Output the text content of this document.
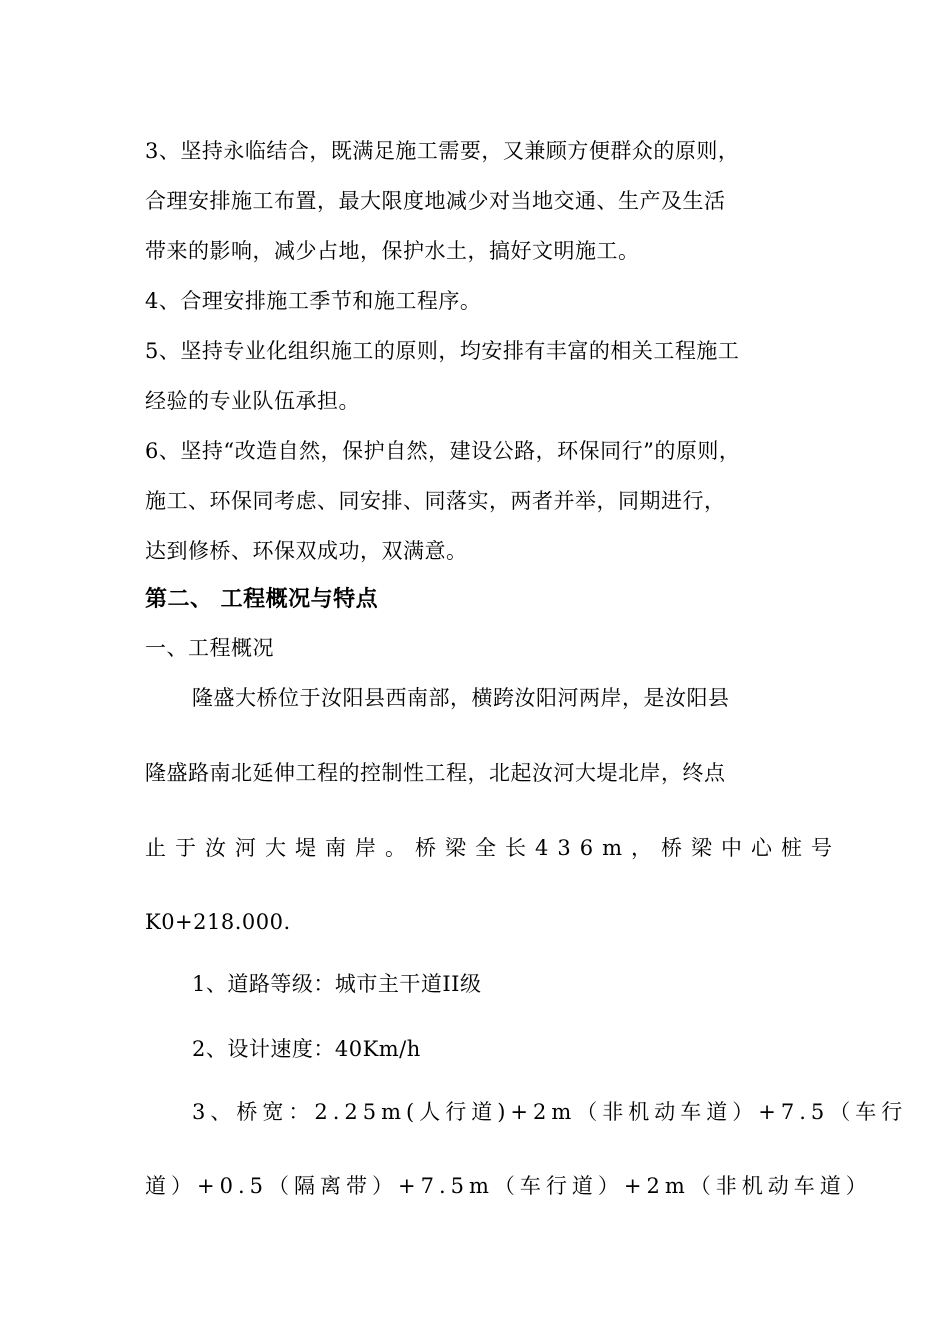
3、坚持永临结合，既满足施工需要，又兼顾方便群众的原则，
合理安排施工布置，最大限度地减少对当地交通、生产及生活
带来的影响，减少占地，保护水土，搞好文明施工。
4、合理安排施工季节和施工程序。
5、坚持专业化组织施工的原则，均安排有丰富的相关工程施工
经验的专业队伍承担。
6、坚持“改造自然，保护自然，建设公路，环保同行”的原则，
施工、环保同考虑、同安排、同落实，两者并举，同期进行，
达到修桥、环保双成功，双满意。
第二、 工程概况与特点
一、工程概况
隆盛大桥位于汝阳县西南部，横跨汝阳河两岸，是汝阳县
隆盛路南北延伸工程的控制性工程，北起汝河大堤北岸，终点
止于汝河大堤南岸。桥梁全长436m，桥梁中心桩号
K0+218.000.
1、道路等级：城市主干道II级
2、设计速度：40Km/h
3、桥宽：2.25m(人行道)+2m（非机动车道）+7.5（车行
道）+0.5（隔离带）+7.5m（车行道）+2m（非机动车道）
